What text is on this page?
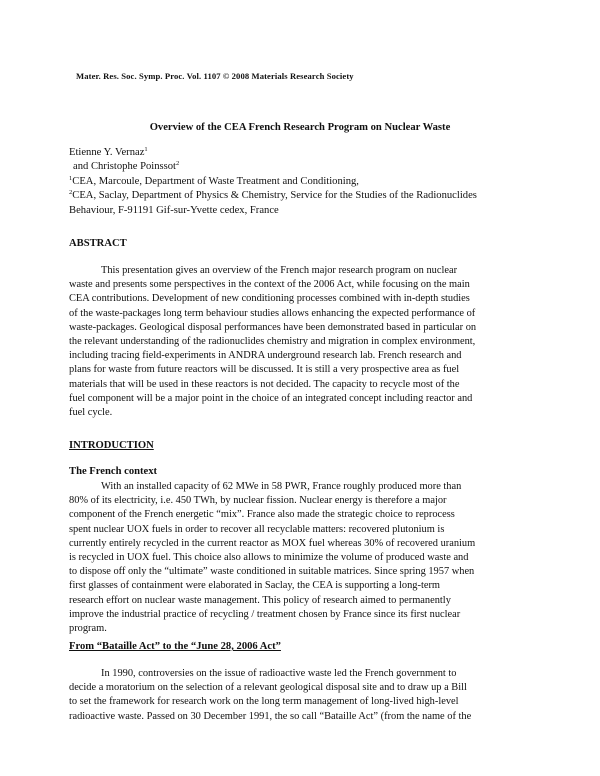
Mater. Res. Soc. Symp. Proc. Vol. 1107 © 2008 Materials Research Society
Overview of the CEA French Research Program on Nuclear Waste
Etienne Y. Vernaz$^1$
and Christophe Poinssot$^2$
$^1$CEA, Marcoule, Department of Waste Treatment and Conditioning,
$^2$CEA, Saclay, Department of Physics & Chemistry, Service for the Studies of the Radionuclides
Behaviour, F-91191 Gif-sur-Yvette cedex, France
ABSTRACT
This presentation gives an overview of the French major research program on nuclear
waste and presents some perspectives in the context of the 2006 Act, while focusing on the main
CEA contributions. Development of new conditioning processes combined with in-depth studies
of the waste-packages long term behaviour studies allows enhancing the expected performance of
waste-packages. Geological disposal performances have been demonstrated based in particular on
the relevant understanding of the radionuclides chemistry and migration in complex environment,
including tracing field-experiments in ANDRA underground research lab. French research and
plans for waste from future reactors will be discussed. It is still a very prospective area as fuel
materials that will be used in these reactors is not decided. The capacity to recycle most of the
fuel component will be a major point in the choice of an integrated concept including reactor and
fuel cycle.
INTRODUCTION
The French context
With an installed capacity of 62 MWe in 58 PWR, France roughly produced more than
80% of its electricity, i.e. 450 TWh, by nuclear fission. Nuclear energy is therefore a major
component of the French energetic “mix”. France also made the strategic choice to reprocess
spent nuclear UOX fuels in order to recover all recyclable matters: recovered plutonium is
currently entirely recycled in the current reactor as MOX fuel whereas 30% of recovered uranium
is recycled in UOX fuel. This choice also allows to minimize the volume of produced waste and
to dispose off only the “ultimate” waste conditioned in suitable matrices. Since spring 1957 when
first glasses of containment were elaborated in Saclay, the CEA is supporting a long-term
research effort on nuclear waste management. This policy of research aimed to permanently
improve the industrial practice of recycling / treatment chosen by France since its first nuclear
program.
From “Bataille Act” to the “June 28, 2006 Act”
In 1990, controversies on the issue of radioactive waste led the French government to
decide a moratorium on the selection of a relevant geological disposal site and to draw up a Bill
to set the framework for research work on the long term management of long-lived high-level
radioactive waste. Passed on 30 December 1991, the so call “Bataille Act” (from the name of the
